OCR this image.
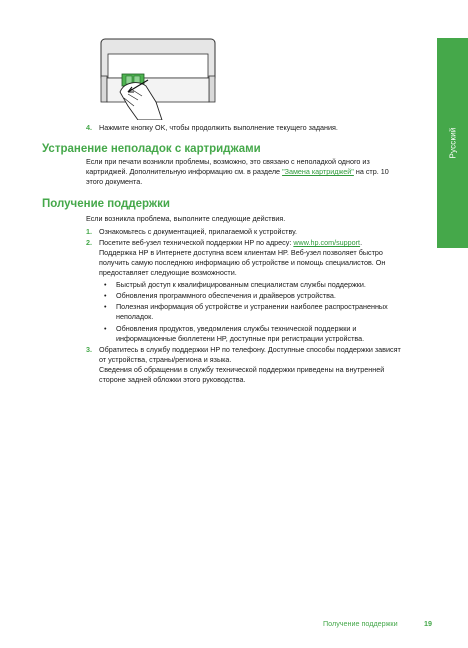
Русский
4. Нажмите кнопку OK, чтобы продолжить выполнение текущего задания.

Устранение неполадок с картриджами

Если при печати возникли проблемы, возможно, это связано с неполадкой одного из

картриджей. Дополнительную информацию см. в разделе "Замена картриджей" на стр. 10

этого документа.

Получение поддержки

Если возникла проблема, выполните следующие действия.

1. Ознакомьтесь с документацией, прилагаемой к устройству.

2. Посетите веб-узел технической поддержки HP по адресу: www.hp.com/support.

Поддержка HP в Интернете доступна всем клиентам HP. Веб-узел позволяет быстро

получить самую последнюю информацию об устройстве и помощь специалистов. Он

предоставляет следующие возможности.

• Быстрый доступ к квалифицированным специалистам службы поддержки.

• Обновления программного обеспечения и драйверов устройства.

• Полезная информация об устройстве и устранении наиболее распространенных

неполадок.

• Обновления продуктов, уведомления службы технической поддержки и

информационные бюллетени HP, доступные при регистрации устройства.

3. Обратитесь в службу поддержки HP по телефону. Доступные способы поддержки зависят

от устройства, страны/региона и языка.

Сведения об обращении в службу технической поддержки приведены на внутренней

стороне задней обложки этого руководства.

Получение поддержки	19
